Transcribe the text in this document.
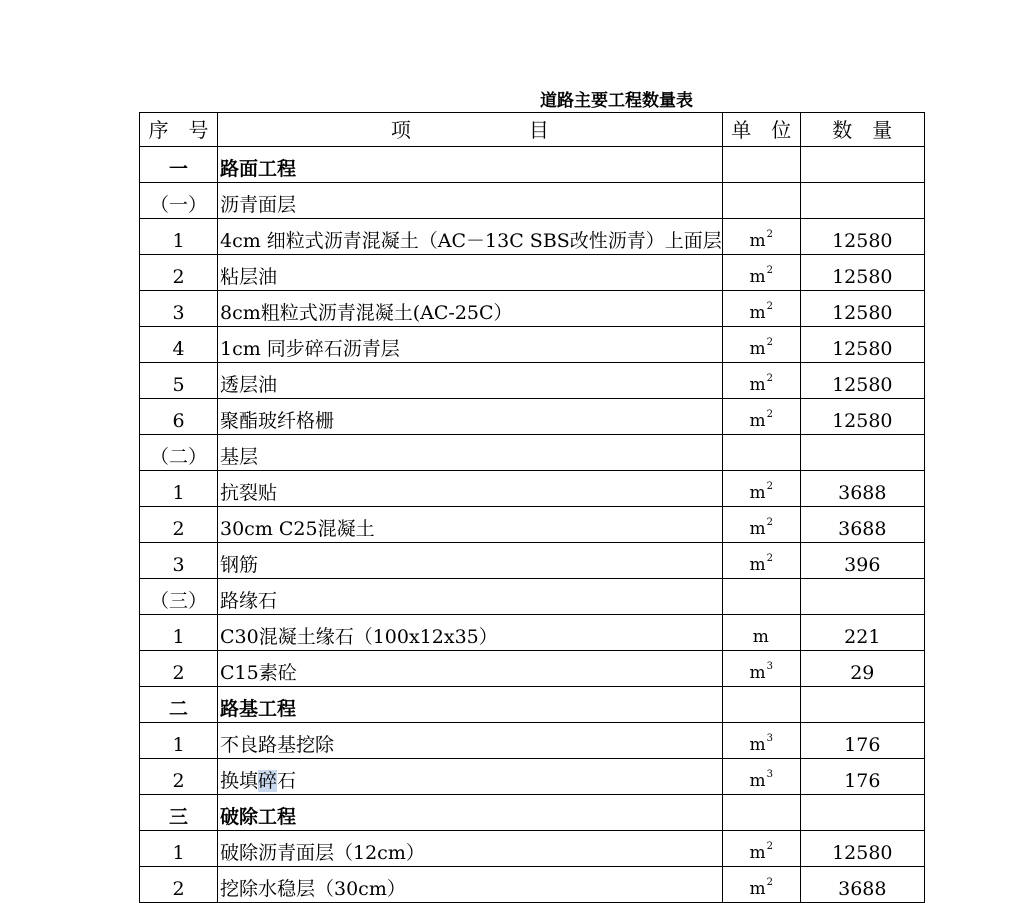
道路主要工程数量表
序　号	项 目	单　位	数　量
一	路面工程		
（一）	沥青面层		
1	4cm 细粒式沥青混凝土（AC－13C SBS改性沥青）上面层	$m^2$	12580
2	粘层油	$m^2$	12580
3	8cm粗粒式沥青混凝土(AC-25C）	$m^2$	12580
4	1cm 同步碎石沥青层	$m^2$	12580
5	透层油	$m^2$	12580
6	聚酯玻纤格栅	$m^2$	12580
（二）	基层		
1	抗裂贴	$m^2$	3688
2	30cm C25混凝土	$m^2$	3688
3	钢筋	$m^2$	396
（三）	路缘石		
1	C30混凝土缘石（100x12x35）	m	221
2	C15素砼	$m^3$	29
二	路基工程		
1	不良路基挖除	$m^3$	176
2	换填碎石	$m^3$	176
三	破除工程		
1	破除沥青面层（12cm）	$m^2$	12580
2	挖除水稳层（30cm）	$m^2$	3688
